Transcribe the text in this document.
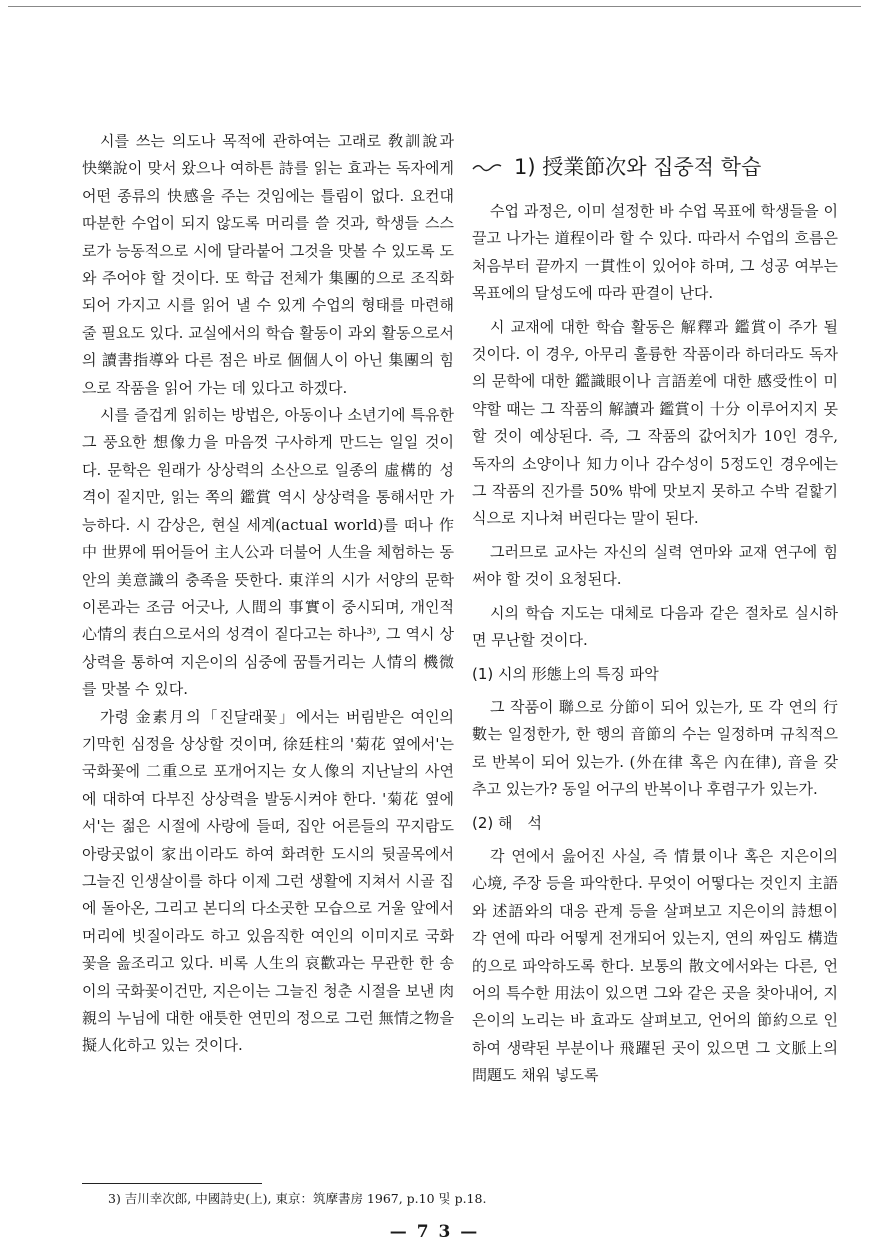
시를 쓰는 의도나 목적에 관하여는 고래로 敎訓說과 快樂說이 맞서 왔으나 여하튼 詩를 읽는 효과는 독자에게 어떤 종류의 快感을 주는 것임에는 틀림이 없다. 요컨대 따분한 수업이 되지 않도록 머리를 쓸 것과, 학생들 스스로가 능동적으로 시에 달라붙어 그것을 맛볼 수 있도록 도와 주어야 할 것이다. 또 학급 전체가 集團的으로 조직화되어 가지고 시를 읽어 낼 수 있게 수업의 형태를 마련해 줄 필요도 있다. 교실에서의 학습 활동이 과외 활동으로서의 讀書指導와 다른 점은 바로 個個人이 아닌 集團의 힘으로 작품을 읽어 가는 데 있다고 하겠다.

시를 즐겁게 읽히는 방법은, 아동이나 소년기에 특유한 그 풍요한 想像力을 마음껏 구사하게 만드는 일일 것이다. 문학은 원래가 상상력의 소산으로 일종의 虛構的 성격이 짙지만, 읽는 쪽의 鑑賞 역시 상상력을 통해서만 가능하다. 시 감상은, 현실 세계(actual world)를 떠나 作中 世界에 뛰어들어 主人公과 더불어 人生을 체험하는 동안의 美意識의 충족을 뜻한다. 東洋의 시가 서양의 문학 이론과는 조금 어긋나, 人間의 事實이 중시되며, 개인적 心情의 表白으로서의 성격이 짙다고는 하나³⁾, 그 역시 상상력을 통하여 지은이의 심중에 꿈틀거리는 人情의 機微를 맛볼 수 있다.

가령 金素月의「진달래꽃」에서는 버림받은 여인의 기막힌 심정을 상상할 것이며, 徐廷柱의 '菊花 옆에서'는 국화꽃에 二重으로 포개어지는 女人像의 지난날의 사연에 대하여 다부진 상상력을 발동시켜야 한다. '菊花 옆에서'는 젊은 시절에 사랑에 들떠, 집안 어른들의 꾸지람도 아랑곳없이 家出이라도 하여 화려한 도시의 뒷골목에서 그늘진 인생살이를 하다 이제 그런 생활에 지쳐서 시골 집에 돌아온, 그리고 본디의 다소곳한 모습으로 거울 앞에서 머리에 빗질이라도 하고 있음직한 여인의 이미지로 국화꽃을 읊조리고 있다. 비록 人生의 哀歡과는 무관한 한 송이의 국화꽃이건만, 지은이는 그늘진 청춘 시절을 보낸 肉親의 누님에 대한 애틋한 연민의 정으로 그런 無情之物을 擬人化하고 있는 것이다.

1) 授業節次와 집중적 학습

수업 과정은, 이미 설정한 바 수업 목표에 학생들을 이끌고 나가는 道程이라 할 수 있다. 따라서 수업의 흐름은 처음부터 끝까지 一貫性이 있어야 하며, 그 성공 여부는 목표에의 달성도에 따라 판결이 난다.

시 교재에 대한 학습 활동은 解釋과 鑑賞이 주가 될 것이다. 이 경우, 아무리 훌륭한 작품이라 하더라도 독자의 문학에 대한 鑑識眼이나 言語差에 대한 感受性이 미약할 때는 그 작품의 解讀과 鑑賞이 十分 이루어지지 못할 것이 예상된다. 즉, 그 작품의 값어치가 10인 경우, 독자의 소양이나 知力이나 감수성이 5정도인 경우에는 그 작품의 진가를 50% 밖에 맛보지 못하고 수박 겉핥기 식으로 지나쳐 버린다는 말이 된다.

그러므로 교사는 자신의 실력 연마와 교재 연구에 힘써야 할 것이 요청된다.

시의 학습 지도는 대체로 다음과 같은 절차로 실시하면 무난할 것이다.

(1) 시의 形態上의 특징 파악

그 작품이 聯으로 分節이 되어 있는가, 또 각 연의 行數는 일정한가, 한 행의 音節의 수는 일정하며 규칙적으로 반복이 되어 있는가. (外在律 혹은 內在律), 音을 갖추고 있는가? 동일 어구의 반복이나 후렴구가 있는가.

(2) 해　석

각 연에서 읊어진 사실, 즉 情景이나 혹은 지은이의 心境, 주장 등을 파악한다. 무엇이 어떻다는 것인지 主語와 述語와의 대응 관계 등을 살펴보고 지은이의 詩想이 각 연에 따라 어떻게 전개되어 있는지, 연의 짜임도 構造的으로 파악하도록 한다. 보통의 散文에서와는 다른, 언어의 특수한 用法이 있으면 그와 같은 곳을 찾아내어, 지은이의 노리는 바 효과도 살펴보고, 언어의 節約으로 인하여 생략된 부분이나 飛躍된 곳이 있으면 그 文脈上의 問題도 채워 넣도록

3) 吉川幸次郎, 中國詩史(上), 東京：筑摩書房 1967, p.10 및 p.18.
— 7 3 —
